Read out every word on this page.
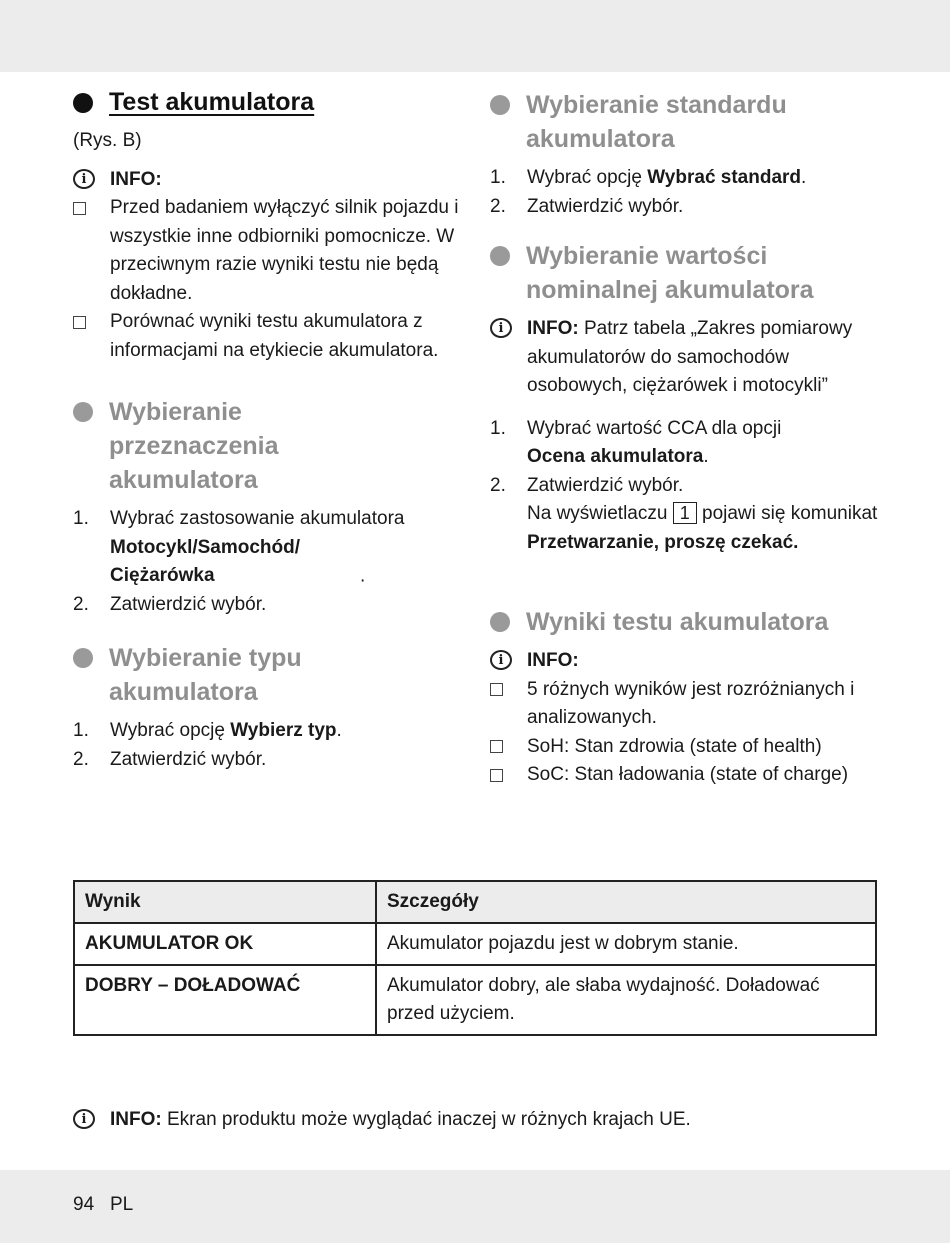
Test akumulatora

(Rys. B)

i	INFO:
Przed badaniem wyłączyć silnik pojazdu i wszystkie inne odbiorniki pomocnicze. W przeciwnym razie wyniki testu nie będą dokładne.
Porównać wyniki testu akumulatora z informacjami na etykiecie akumulatora.
Wybieranie przeznaczenia akumulatora
1.	Wybrać zastosowanie akumulatora
Motocykl/Samochód/ Ciężarówka	.
2.	Zatwierdzić wybór.
Wybieranie typu akumulatora
1.	Wybrać opcję Wybierz typ.
2.	Zatwierdzić wybór.
Wybieranie standardu akumulatora
1.	Wybrać opcję Wybrać standard.
2.	Zatwierdzić wybór.
Wybieranie wartości nominalnej akumulatora
i	INFO: Patrz tabela „Zakres pomiarowy akumulatorów do samochodów osobowych, ciężarówek i motocykli”
1.	Wybrać wartość CCA dla opcji
Ocena akumulatora.
2.	Zatwierdzić wybór.
Na wyświetlaczu 1 pojawi się komunikat Przetwarzanie, proszę czekać.
Wyniki testu akumulatora
i	INFO:
5 różnych wyników jest rozróżnianych i analizowanych.
SoH: Stan zdrowia (state of health)
SoC: Stan ładowania (state of charge)
Wynik	Szczegóły
AKUMULATOR OK	Akumulator pojazdu jest w dobrym stanie.
DOBRY – DOŁADOWAĆ	Akumulator dobry, ale słaba wydajność. Doładować przed użyciem.
i	INFO: Ekran produktu może wyglądać inaczej w różnych krajach UE.
94 PL
